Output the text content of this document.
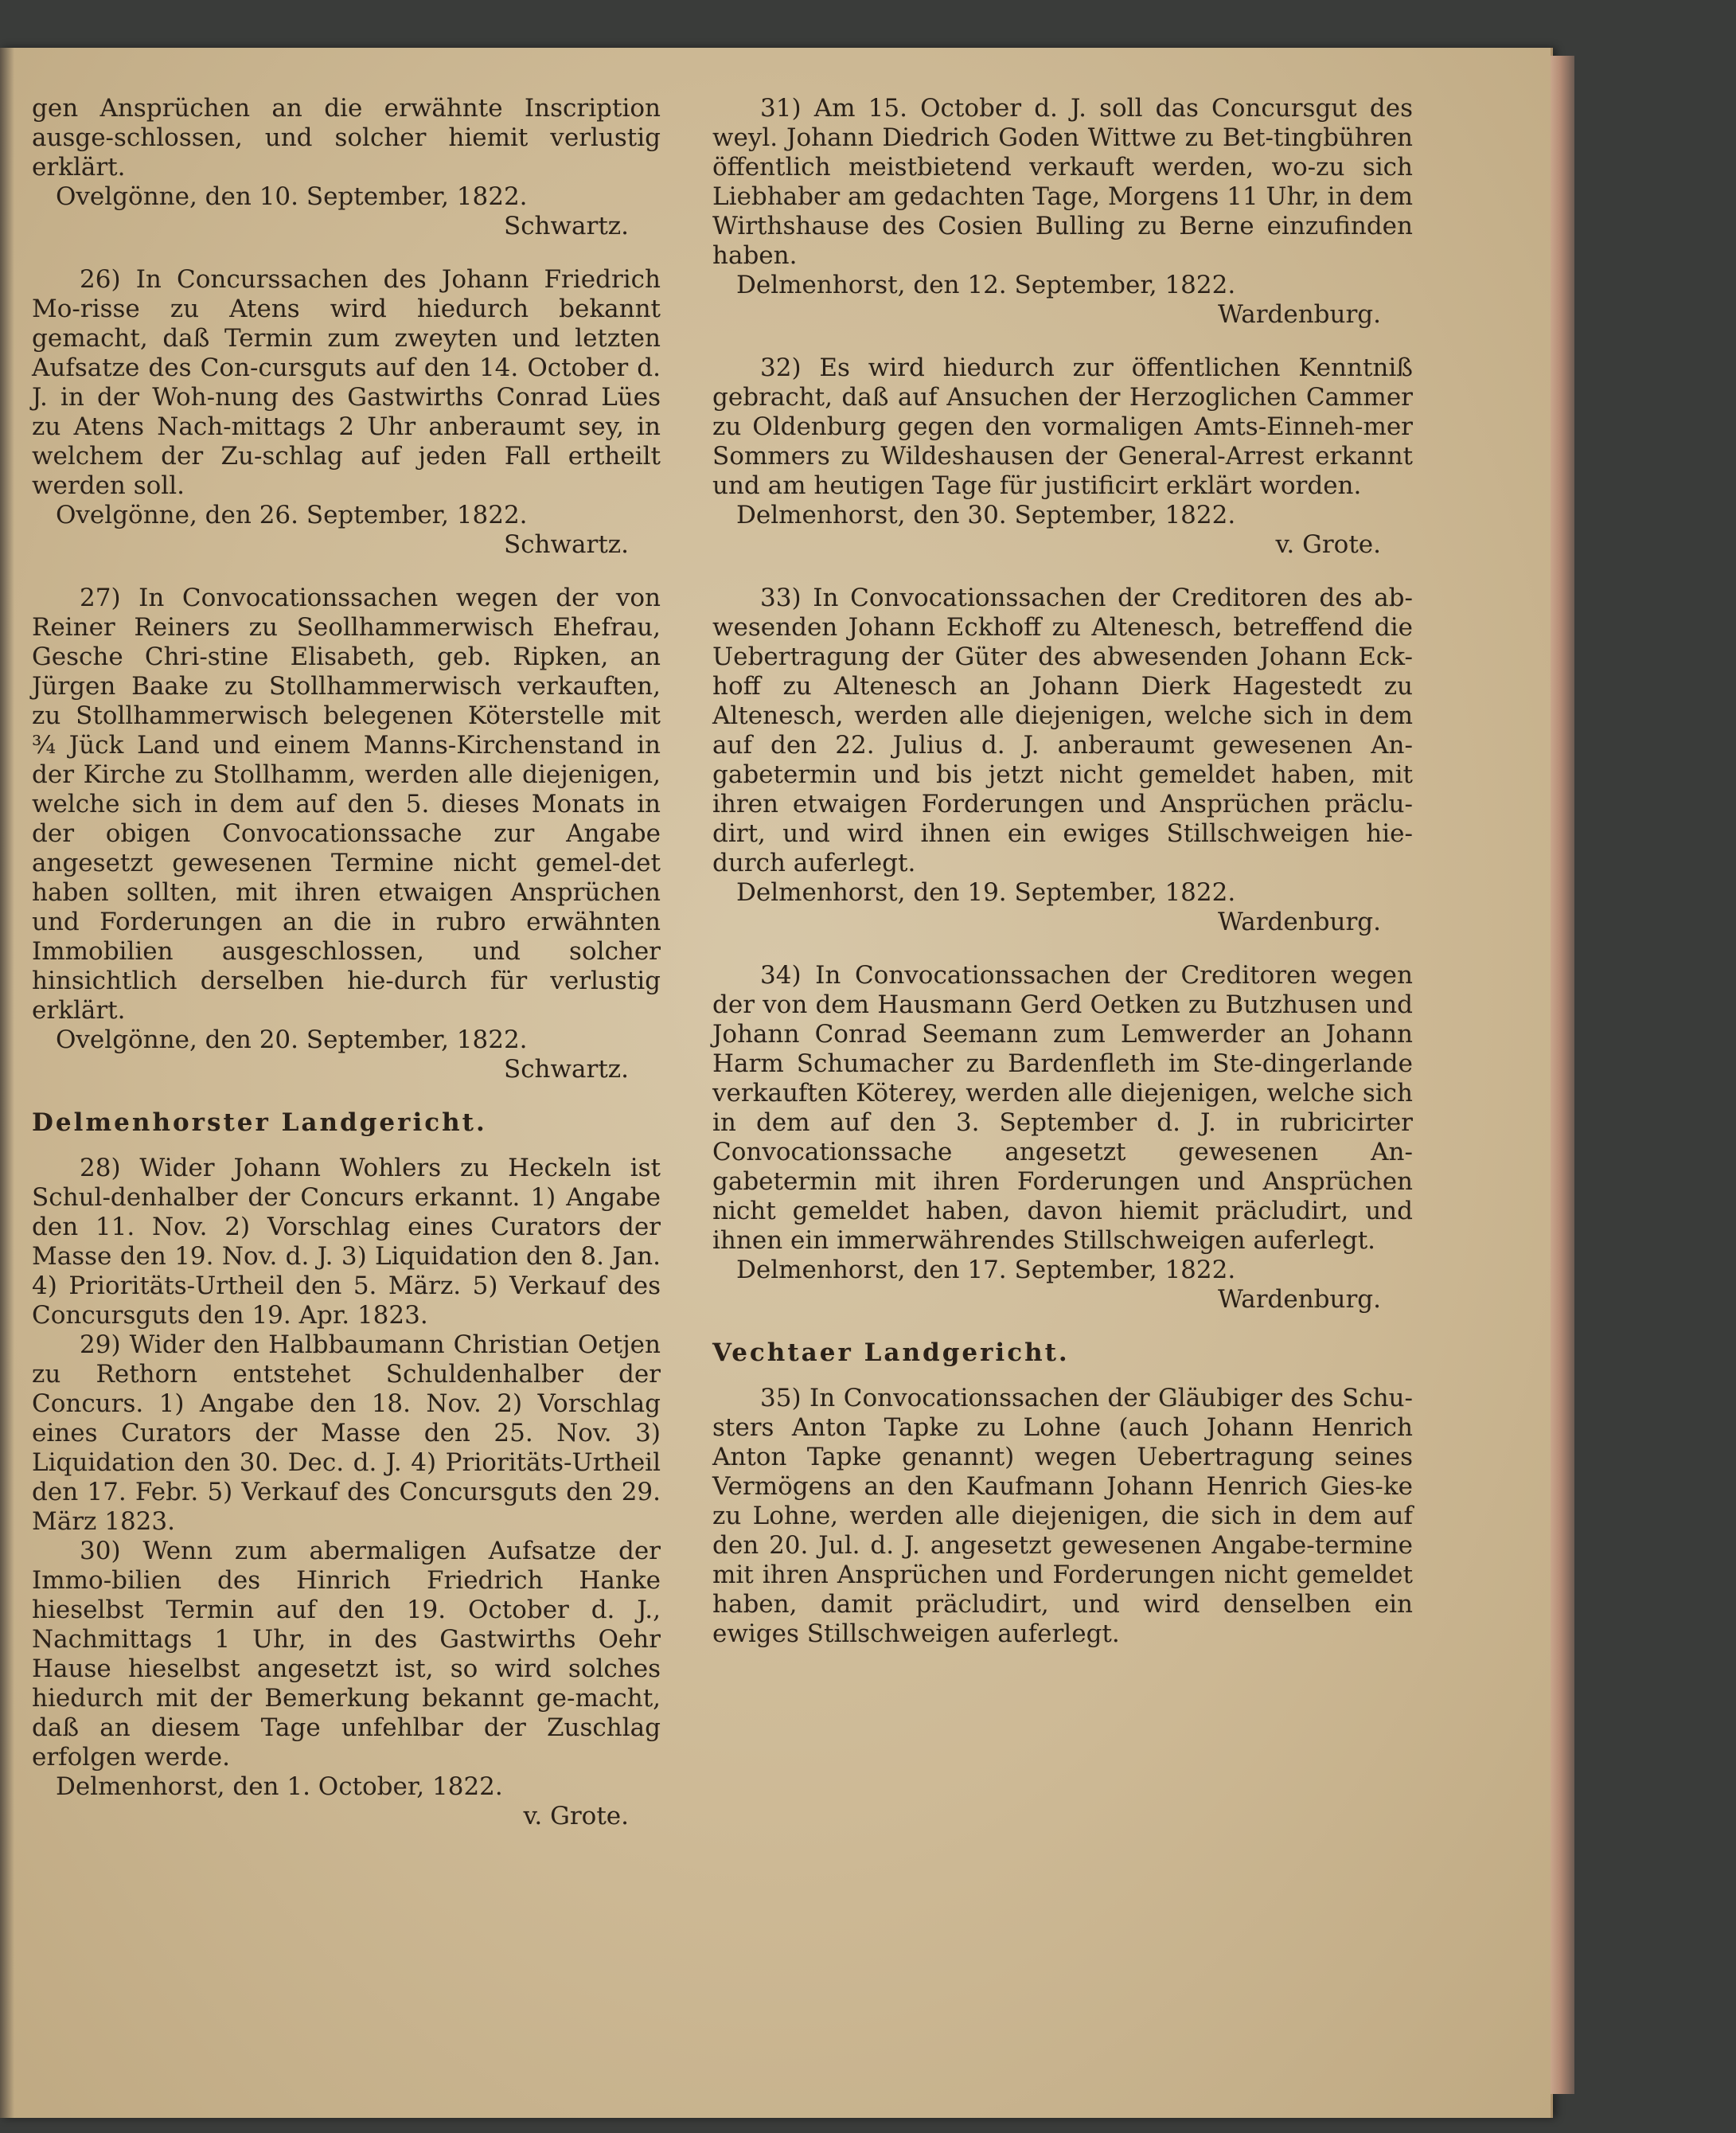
gen Ansprüchen an die erwähnte Inscription ausge-schlossen, und solcher hiemit verlustig erklärt.

Ovelgönne, den 10. September, 1822.

Schwartz.

26) In Concurssachen des Johann Friedrich Mo-risse zu Atens wird hiedurch bekannt gemacht, daß Termin zum zweyten und letzten Aufsatze des Con-cursguts auf den 14. October d. J. in der Woh-nung des Gastwirths Conrad Lües zu Atens Nach-mittags 2 Uhr anberaumt sey, in welchem der Zu-schlag auf jeden Fall ertheilt werden soll.

Ovelgönne, den 26. September, 1822.

Schwartz.

27) In Convocationssachen wegen der von Reiner Reiners zu Seollhammerwisch Ehefrau, Gesche Chri-stine Elisabeth, geb. Ripken, an Jürgen Baake zu Stollhammerwisch verkauften, zu Stollhammerwisch belegenen Köterstelle mit ¾ Jück Land und einem Manns-Kirchenstand in der Kirche zu Stollhamm, werden alle diejenigen, welche sich in dem auf den 5. dieses Monats in der obigen Convocationssache zur Angabe angesetzt gewesenen Termine nicht gemel-det haben sollten, mit ihren etwaigen Ansprüchen und Forderungen an die in rubro erwähnten Immobilien ausgeschlossen, und solcher hinsichtlich derselben hie-durch für verlustig erklärt.

Ovelgönne, den 20. September, 1822.

Schwartz.

Delmenhorster Landgericht.

28) Wider Johann Wohlers zu Heckeln ist Schul-denhalber der Concurs erkannt. 1) Angabe den 11. Nov. 2) Vorschlag eines Curators der Masse den 19. Nov. d. J. 3) Liquidation den 8. Jan. 4) Prioritäts-Urtheil den 5. März. 5) Verkauf des Concursguts den 19. Apr. 1823.

29) Wider den Halbbaumann Christian Oetjen zu Rethorn entstehet Schuldenhalber der Concurs. 1) Angabe den 18. Nov. 2) Vorschlag eines Curators der Masse den 25. Nov. 3) Liquidation den 30. Dec. d. J. 4) Prioritäts-Urtheil den 17. Febr. 5) Verkauf des Concursguts den 29. März 1823.

30) Wenn zum abermaligen Aufsatze der Immo-bilien des Hinrich Friedrich Hanke hieselbst Termin auf den 19. October d. J., Nachmittags 1 Uhr, in des Gastwirths Oehr Hause hieselbst angesetzt ist, so wird solches hiedurch mit der Bemerkung bekannt ge-macht, daß an diesem Tage unfehlbar der Zuschlag erfolgen werde.

Delmenhorst, den 1. October, 1822.

v. Grote.

31) Am 15. October d. J. soll das Concursgut des weyl. Johann Diedrich Goden Wittwe zu Bet-tingbühren öffentlich meistbietend verkauft werden, wo-zu sich Liebhaber am gedachten Tage, Morgens 11 Uhr, in dem Wirthshause des Cosien Bulling zu Berne einzufinden haben.

Delmenhorst, den 12. September, 1822.

Wardenburg.

32) Es wird hiedurch zur öffentlichen Kenntniß gebracht, daß auf Ansuchen der Herzoglichen Cammer zu Oldenburg gegen den vormaligen Amts-Einneh-mer Sommers zu Wildeshausen der General-Arrest erkannt und am heutigen Tage für justificirt erklärt worden.

Delmenhorst, den 30. September, 1822.

v. Grote.

33) In Convocationssachen der Creditoren des ab-wesenden Johann Eckhoff zu Altenesch, betreffend die Uebertragung der Güter des abwesenden Johann Eck-hoff zu Altenesch an Johann Dierk Hagestedt zu Altenesch, werden alle diejenigen, welche sich in dem auf den 22. Julius d. J. anberaumt gewesenen An-gabetermin und bis jetzt nicht gemeldet haben, mit ihren etwaigen Forderungen und Ansprüchen präclu-dirt, und wird ihnen ein ewiges Stillschweigen hie-durch auferlegt.

Delmenhorst, den 19. September, 1822.

Wardenburg.

34) In Convocationssachen der Creditoren wegen der von dem Hausmann Gerd Oetken zu Butzhusen und Johann Conrad Seemann zum Lemwerder an Johann Harm Schumacher zu Bardenfleth im Ste-dingerlande verkauften Köterey, werden alle diejenigen, welche sich in dem auf den 3. September d. J. in rubricirter Convocationssache angesetzt gewesenen An-gabetermin mit ihren Forderungen und Ansprüchen nicht gemeldet haben, davon hiemit präcludirt, und ihnen ein immerwährendes Stillschweigen auferlegt.

Delmenhorst, den 17. September, 1822.

Wardenburg.

Vechtaer Landgericht.

35) In Convocationssachen der Gläubiger des Schu-sters Anton Tapke zu Lohne (auch Johann Henrich Anton Tapke genannt) wegen Uebertragung seines Vermögens an den Kaufmann Johann Henrich Gies-ke zu Lohne, werden alle diejenigen, die sich in dem auf den 20. Jul. d. J. angesetzt gewesenen Angabe-termine mit ihren Ansprüchen und Forderungen nicht gemeldet haben, damit präcludirt, und wird denselben ein ewiges Stillschweigen auferlegt.
